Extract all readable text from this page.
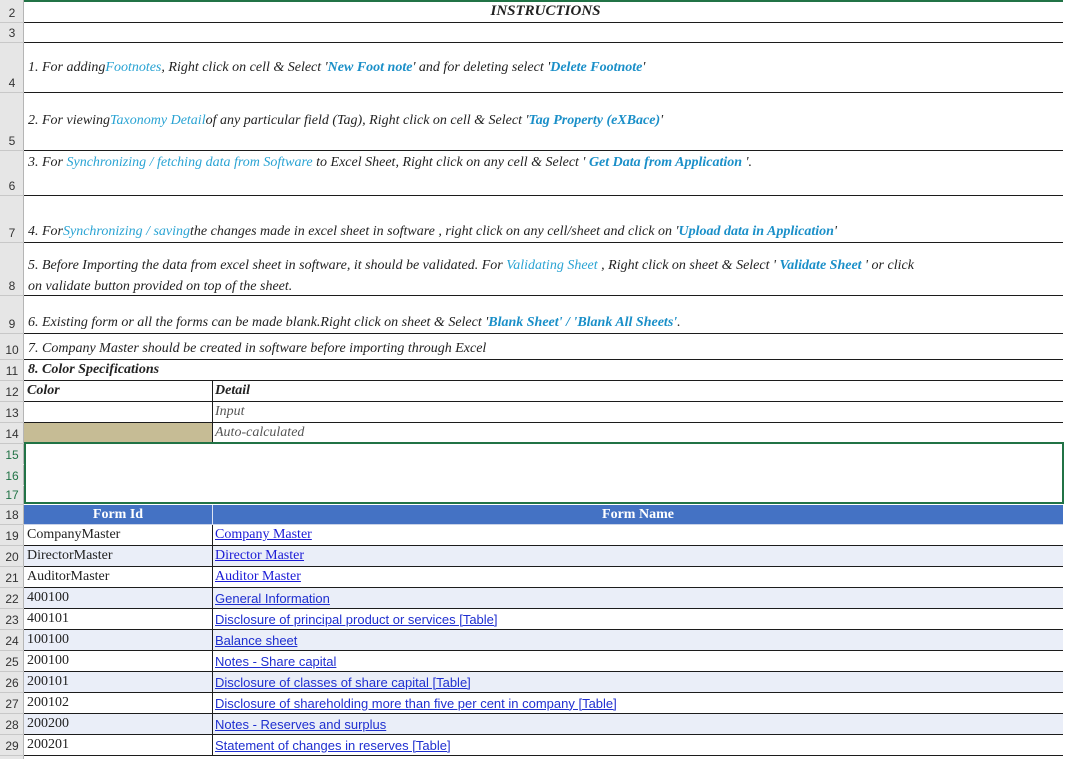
2	INSTRUCTIONS
3
4
1. For adding Footnotes , Right click on cell & Select ' New Foot note ' and for deleting select ' Delete Footnote '
5
2. For viewing Taxonomy Detail of any particular field (Tag), Right click on cell & Select ' Tag Property (eXBace) '
6
3. For Synchronizing / fetching data from Software to Excel Sheet, Right click on any cell & Select ' Get Data from Application '.
7 4. For Synchronizing / saving the changes made in excel sheet in software , right click on any cell/sheet and click on ' Upload data in Application '
8
5. Before Importing the data from excel sheet in software, it should be validated. For Validating Sheet , Right click on sheet & Select ' Validate Sheet ' or click
on validate button provided on top of the sheet.
9 6. Existing form or all the forms can be made blank.Right click on sheet & Select ' Blank Sheet' / 'Blank All Sheets' .
10 7. Company Master should be created in software before importing through Excel
11 8. Color Specifications
12 Color	Detail
13	Input
14	Auto-calculated
15
16
17
18	Form Id	Form Name
19 CompanyMaster	Company Master
20 DirectorMaster	Director Master
21 AuditorMaster	Auditor Master
22 400100	General Information
23 400101	Disclosure of principal product or services [Table]
24 100100	Balance sheet
25 200100	Notes - Share capital
26 200101	Disclosure of classes of share capital [Table]
27 200102	Disclosure of shareholding more than five per cent in company [Table]
28 200200	Notes - Reserves and surplus
29 200201	Statement of changes in reserves [Table]
